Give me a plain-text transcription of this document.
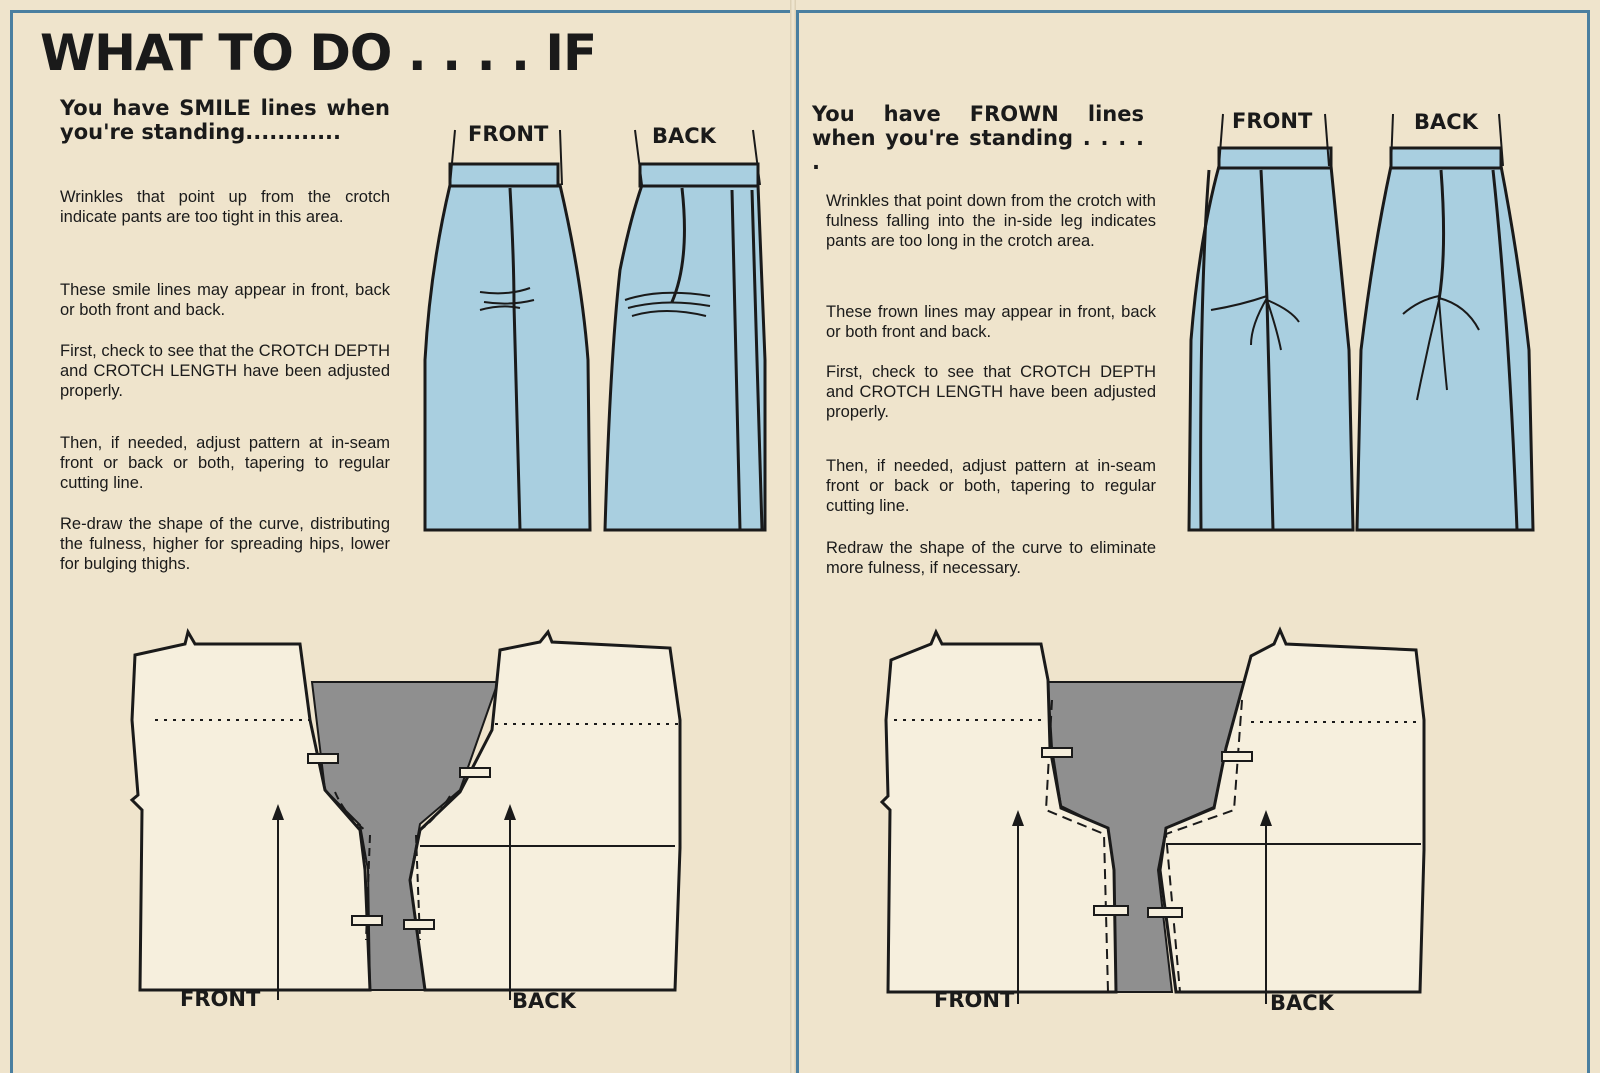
WHAT TO DO . . . . IF

You have SMILE lines when you're standing............

Wrinkles that point up from the crotch indicate pants are too tight in this area.

These smile lines may appear in front, back or both front and back.

First, check to see that the CROTCH DEPTH and CROTCH LENGTH have been adjusted properly.

Then, if needed, adjust pattern at in-seam front or back or both, tapering to regular cutting line.

Re-draw the shape of the curve, distributing the fulness, higher for spreading hips, lower for bulging thighs.

FRONT	BACK
FRONT	BACK

You have FROWN lines when you're standing . . . . .

Wrinkles that point down from the crotch with fulness falling into the in-side leg indicates pants are too long in the crotch area.

These frown lines may appear in front, back or both front and back.

First, check to see that CROTCH DEPTH and CROTCH LENGTH have been adjusted properly.

Then, if needed, adjust pattern at in-seam front or back or both, tapering to regular cutting line.

Redraw the shape of the curve to eliminate more fulness, if necessary.

FRONT	BACK
FRONT	BACK
